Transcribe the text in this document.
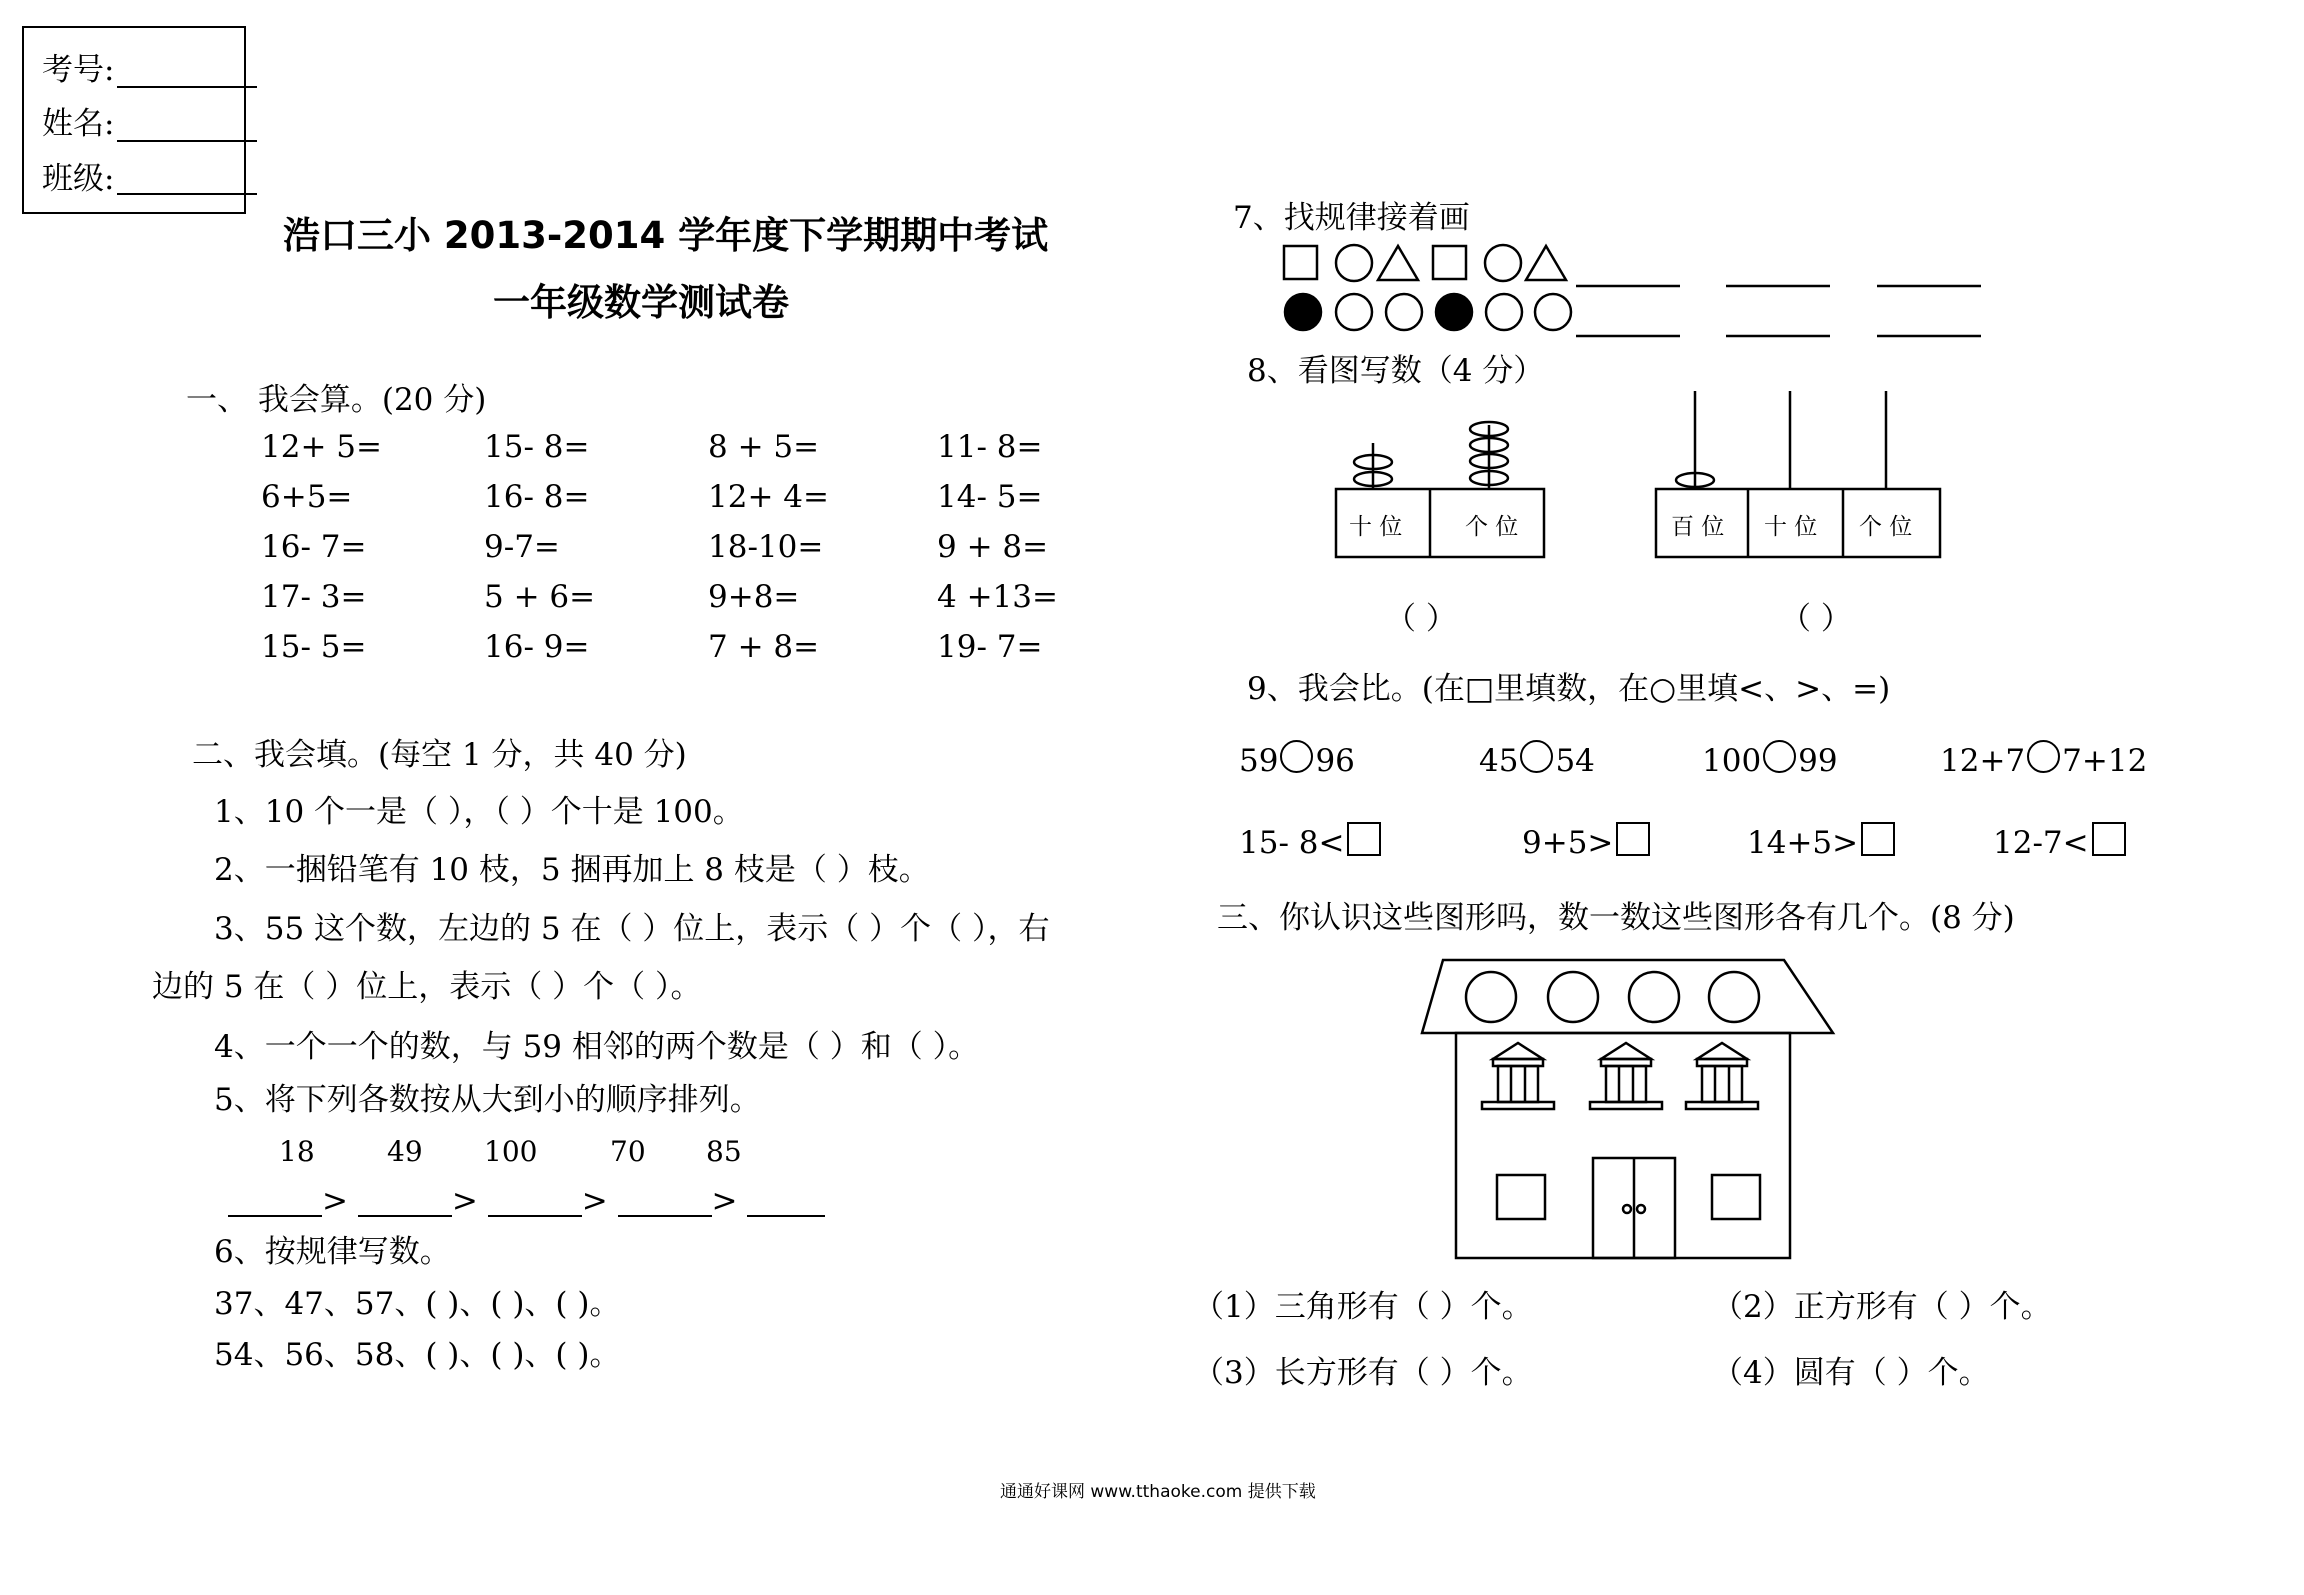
考号:
姓名:
班级:
浩口三小 2013-2014 学年度下学期期中考试
一年级数学测试卷
一、 我会算。(20 分)
12+ 5=	15- 8=	8 + 5=	11- 8=
6+5=	16- 8=	12+ 4=	14- 5=
16- 7=	9-7=	18-10=	9 + 8=
17- 3=	5 + 6=	9+8=	4 +13=
15- 5=	16- 9=	7 + 8=	19- 7=
二、我会填。(每空 1 分，共 40 分)
1、10 个一是（ ），（ ）个十是 100。
2、一捆铅笔有 10 枝，5 捆再加上 8 枝是（ ）枝。
3、55 这个数，左边的 5 在（ ）位上，表示（ ）个（ ），右
边的 5 在（ ）位上，表示（ ）个（ ）。
4、一个一个的数，与 59 相邻的两个数是（ ）和（ ）。
5、将下列各数按从大到小的顺序排列。
18	49 100	70 85
>	>	>	>
6、按规律写数。
37、47、57、( )、( )、( )。
54、56、58、( )、( )、( )。
7、找规律接着画
8、看图写数（4 分）
十 位	个 位	百 位 十 位 个 位
（ ）	（ ）
9、我会比。(在□里填数，在○里填<、>、=)
59 96	45 54	100 99	12+7 7+12
15- 8<	9+5>	14+5>	12-7<
三、你认识这些图形吗，数一数这些图形各有几个。(8 分)
（1）三角形有（ ）个。	（2）正方形有（ ）个。
（3）长方形有（ ）个。	（4）圆有（ ）个。
通通好课网 www.tthaoke.com 提供下载
